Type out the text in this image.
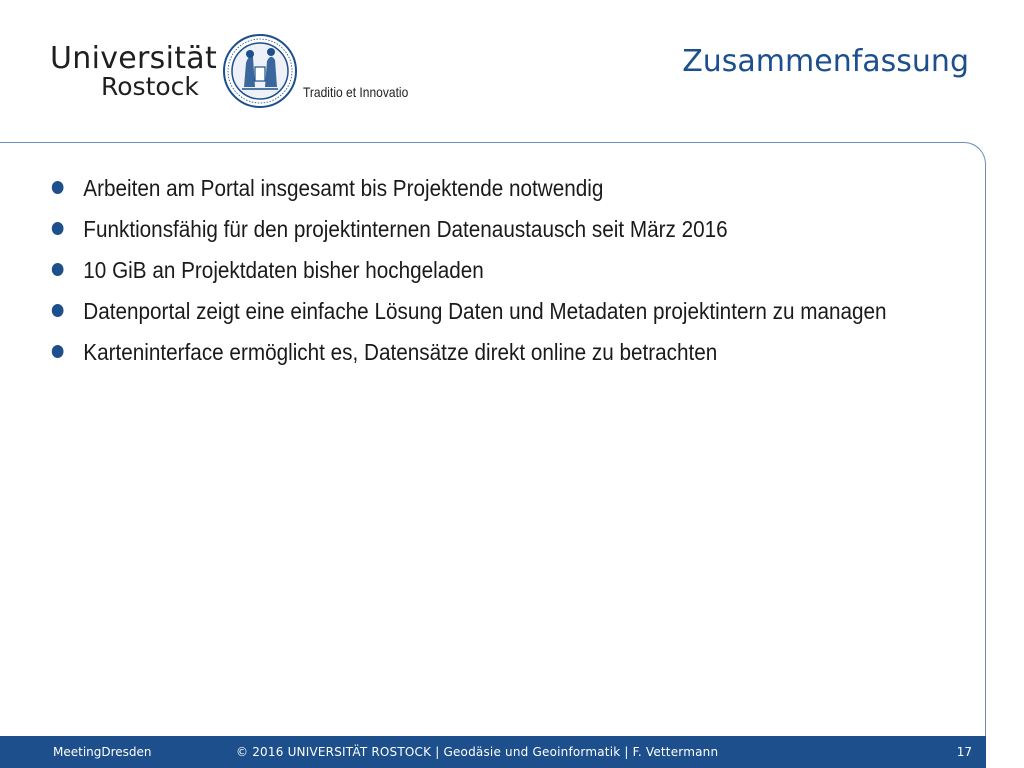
Universität
Rostock	Traditio et Innovatio
Zusammenfassung
Arbeiten am Portal insgesamt bis Projektende notwendig
Funktionsfähig für den projektinternen Datenaustausch seit März 2016
10 GiB an Projektdaten bisher hochgeladen
Datenportal zeigt eine einfache Lösung Daten und Metadaten projektintern zu managen
Karteninterface ermöglicht es, Datensätze direkt online zu betrachten
MeetingDresden	© 2016 UNIVERSITÄT ROSTOCK | Geodäsie und Geoinformatik | F. Vettermann	17
